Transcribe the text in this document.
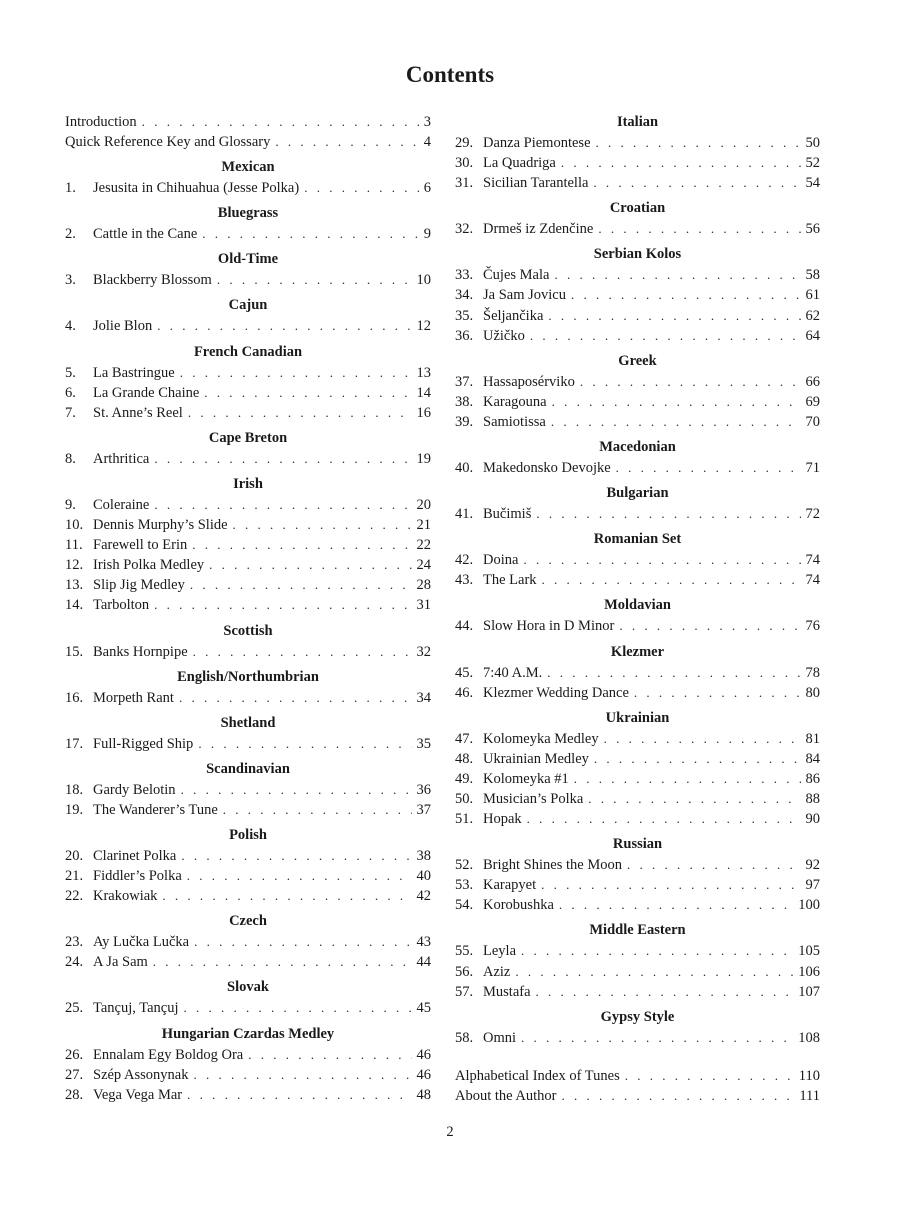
Contents
Introduction . . .	3
Quick Reference Key and Glossary . . .	4
Mexican
1.	Jesusita in Chihuahua (Jesse Polka) . . .	6
Bluegrass
2.	Cattle in the Cane . . .	9
Old-Time
3.	Blackberry Blossom . . .	10
Cajun
4.	Jolie Blon . . .	12
French Canadian
5.	La Bastringue . . .	13
6.	La Grande Chaine . . .	14
7.	St. Anne’s Reel . . .	16
Cape Breton
8.	Arthritica . . .	19
Irish
9.	Coleraine . . .	20
10. Dennis Murphy’s Slide . . .	21
11. Farewell to Erin . . .	22
12. Irish Polka Medley . . .	24
13. Slip Jig Medley . . .	28
14. Tarbolton . . .	31
Scottish
15. Banks Hornpipe . . .	32
English/Northumbrian
16. Morpeth Rant . . .	34
Shetland
17. Full-Rigged Ship . . .	35
Scandinavian
18. Gardy Belotin . . .	36
19. The Wanderer’s Tune . . .	37
Polish
20. Clarinet Polka . . .	38
21. Fiddler’s Polka . . .	40
22. Krakowiak . . .	42
Czech
23. Ay Lučka Lučka . . .	43
24. A Ja Sam . . .	44
Slovak
25. Tançuj, Tançuj . . .	45
Hungarian Czardas Medley
26. Ennalam Egy Boldog Ora . . .	46
27. Szép Assonynak . . .	46
28. Vega Vega Mar . . .	48
Italian
29. Danza Piemontese . . .	50
30. La Quadriga . . .	52
31. Sicilian Tarantella . . .	54
Croatian
32. Drmeš iz Zdenčine . . .	56
Serbian Kolos
33. Čujes Mala . . .	58
34. Ja Sam Jovicu . . .	61
35. Šeljančika . . .	62
36. Užičko . . .	64
Greek
37. Hassaposérviko . . .	66
38. Karagouna . . .	69
39. Samiotissa . . .	70
Macedonian
40. Makedonsko Devojke . . .	71
Bulgarian
41. Bučimiš . . .	72
Romanian Set
42. Doina . . .	74
43. The Lark . . .	74
Moldavian
44. Slow Hora in D Minor . . .	76
Klezmer
45. 7:40 A.M. . . .	78
46. Klezmer Wedding Dance . . .	80
Ukrainian
47. Kolomeyka Medley . . .	81
48. Ukrainian Medley . . .	84
49. Kolomeyka #1 . . .	86
50. Musician’s Polka . . .	88
51. Hopak . . .	90
Russian
52. Bright Shines the Moon . . .	92
53. Karapyet . . .	97
54. Korobushka . . .	100
Middle Eastern
55. Leyla . . .	105
56. Aziz . . .	106
57. Mustafa . . .	107
Gypsy Style
58. Omni . . .	108
Alphabetical Index of Tunes . . .	110
About the Author . . .	111
2
